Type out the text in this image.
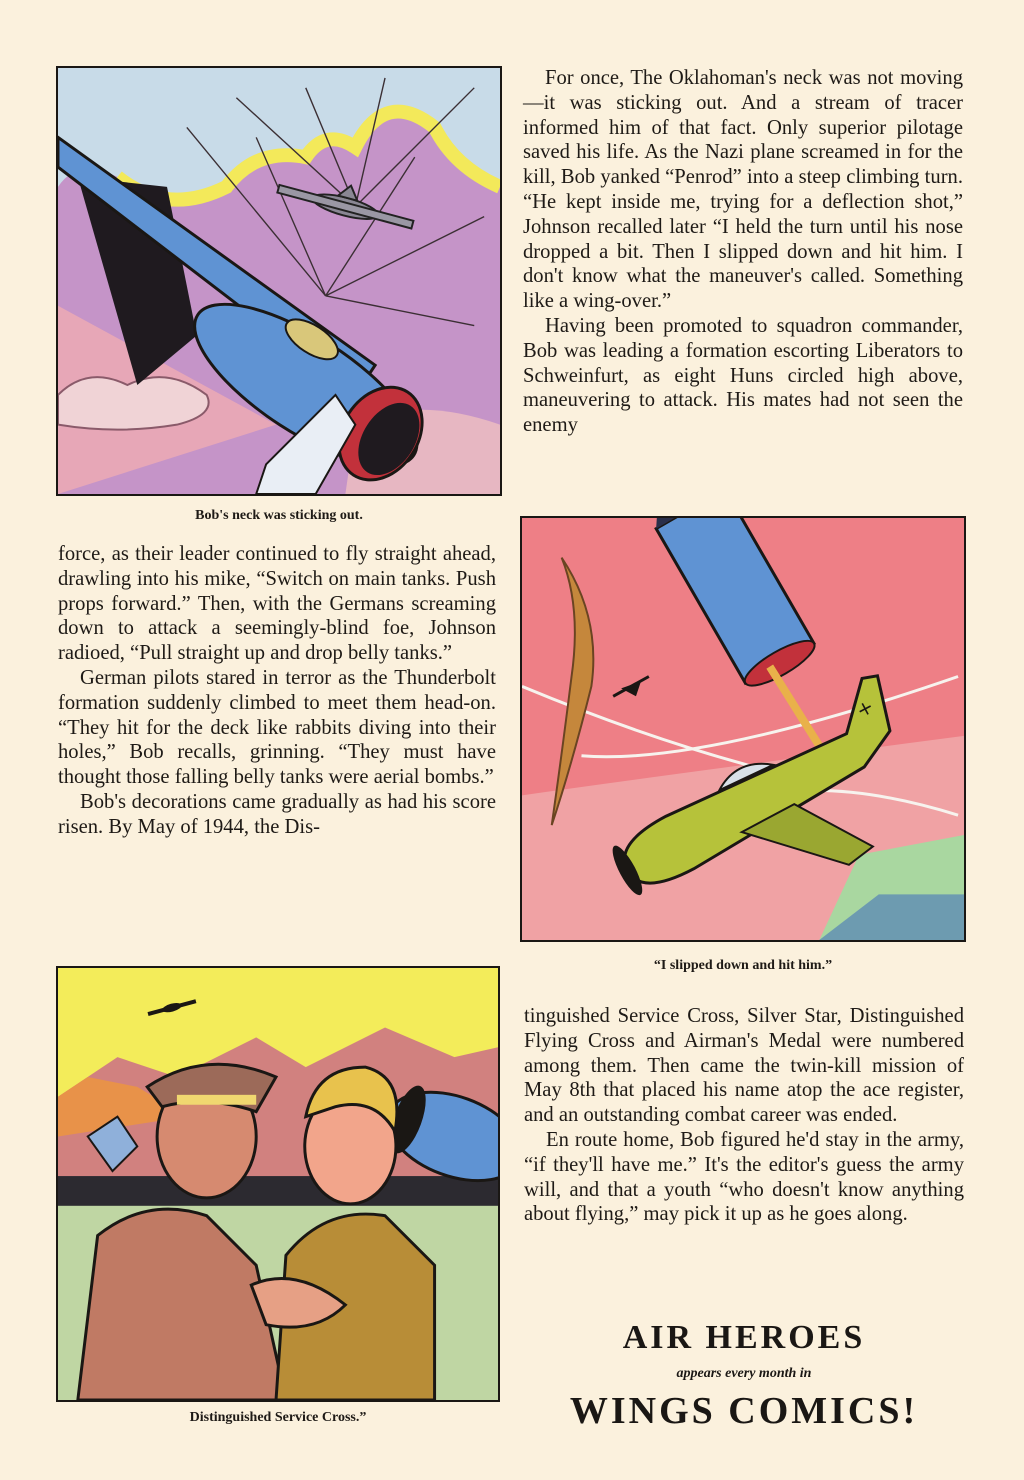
Bob's neck was sticking out.

For once, The Oklahoman's neck was not moving—it was sticking out. And a stream of tracer informed him of that fact. Only superior pilotage saved his life. As the Nazi plane screamed in for the kill, Bob yanked “Penrod” into a steep climbing turn. “He kept inside me, trying for a deflection shot,” Johnson recalled later “I held the turn until his nose dropped a bit. Then I slipped down and hit him. I don't know what the maneuver's called. Something like a wing-over.”

Having been promoted to squadron commander, Bob was leading a formation escorting Liberators to Schweinfurt, as eight Huns circled high above, maneuvering to attack. His mates had not seen the enemy

force, as their leader continued to fly straight ahead, drawling into his mike, “Switch on main tanks. Push props forward.” Then, with the Germans screaming down to attack a seemingly-blind foe, Johnson radioed, “Pull straight up and drop belly tanks.”

German pilots stared in terror as the Thunderbolt formation suddenly climbed to meet them head-on. “They hit for the deck like rabbits diving into their holes,” Bob recalls, grinning. “They must have thought those falling belly tanks were aerial bombs.”

Bob's decorations came gradually as had his score risen. By May of 1944, the Dis-

+
“I slipped down and hit him.”
Distinguished Service Cross.”

tinguished Service Cross, Silver Star, Distinguished Flying Cross and Airman's Medal were numbered among them. Then came the twin-kill mission of May 8th that placed his name atop the ace register, and an outstanding combat career was ended.

En route home, Bob figured he'd stay in the army, “if they'll have me.” It's the editor's guess the army will, and that a youth “who doesn't know anything about flying,” may pick it up as he goes along.

AIR HEROES
appears every month in
WINGS COMICS!
